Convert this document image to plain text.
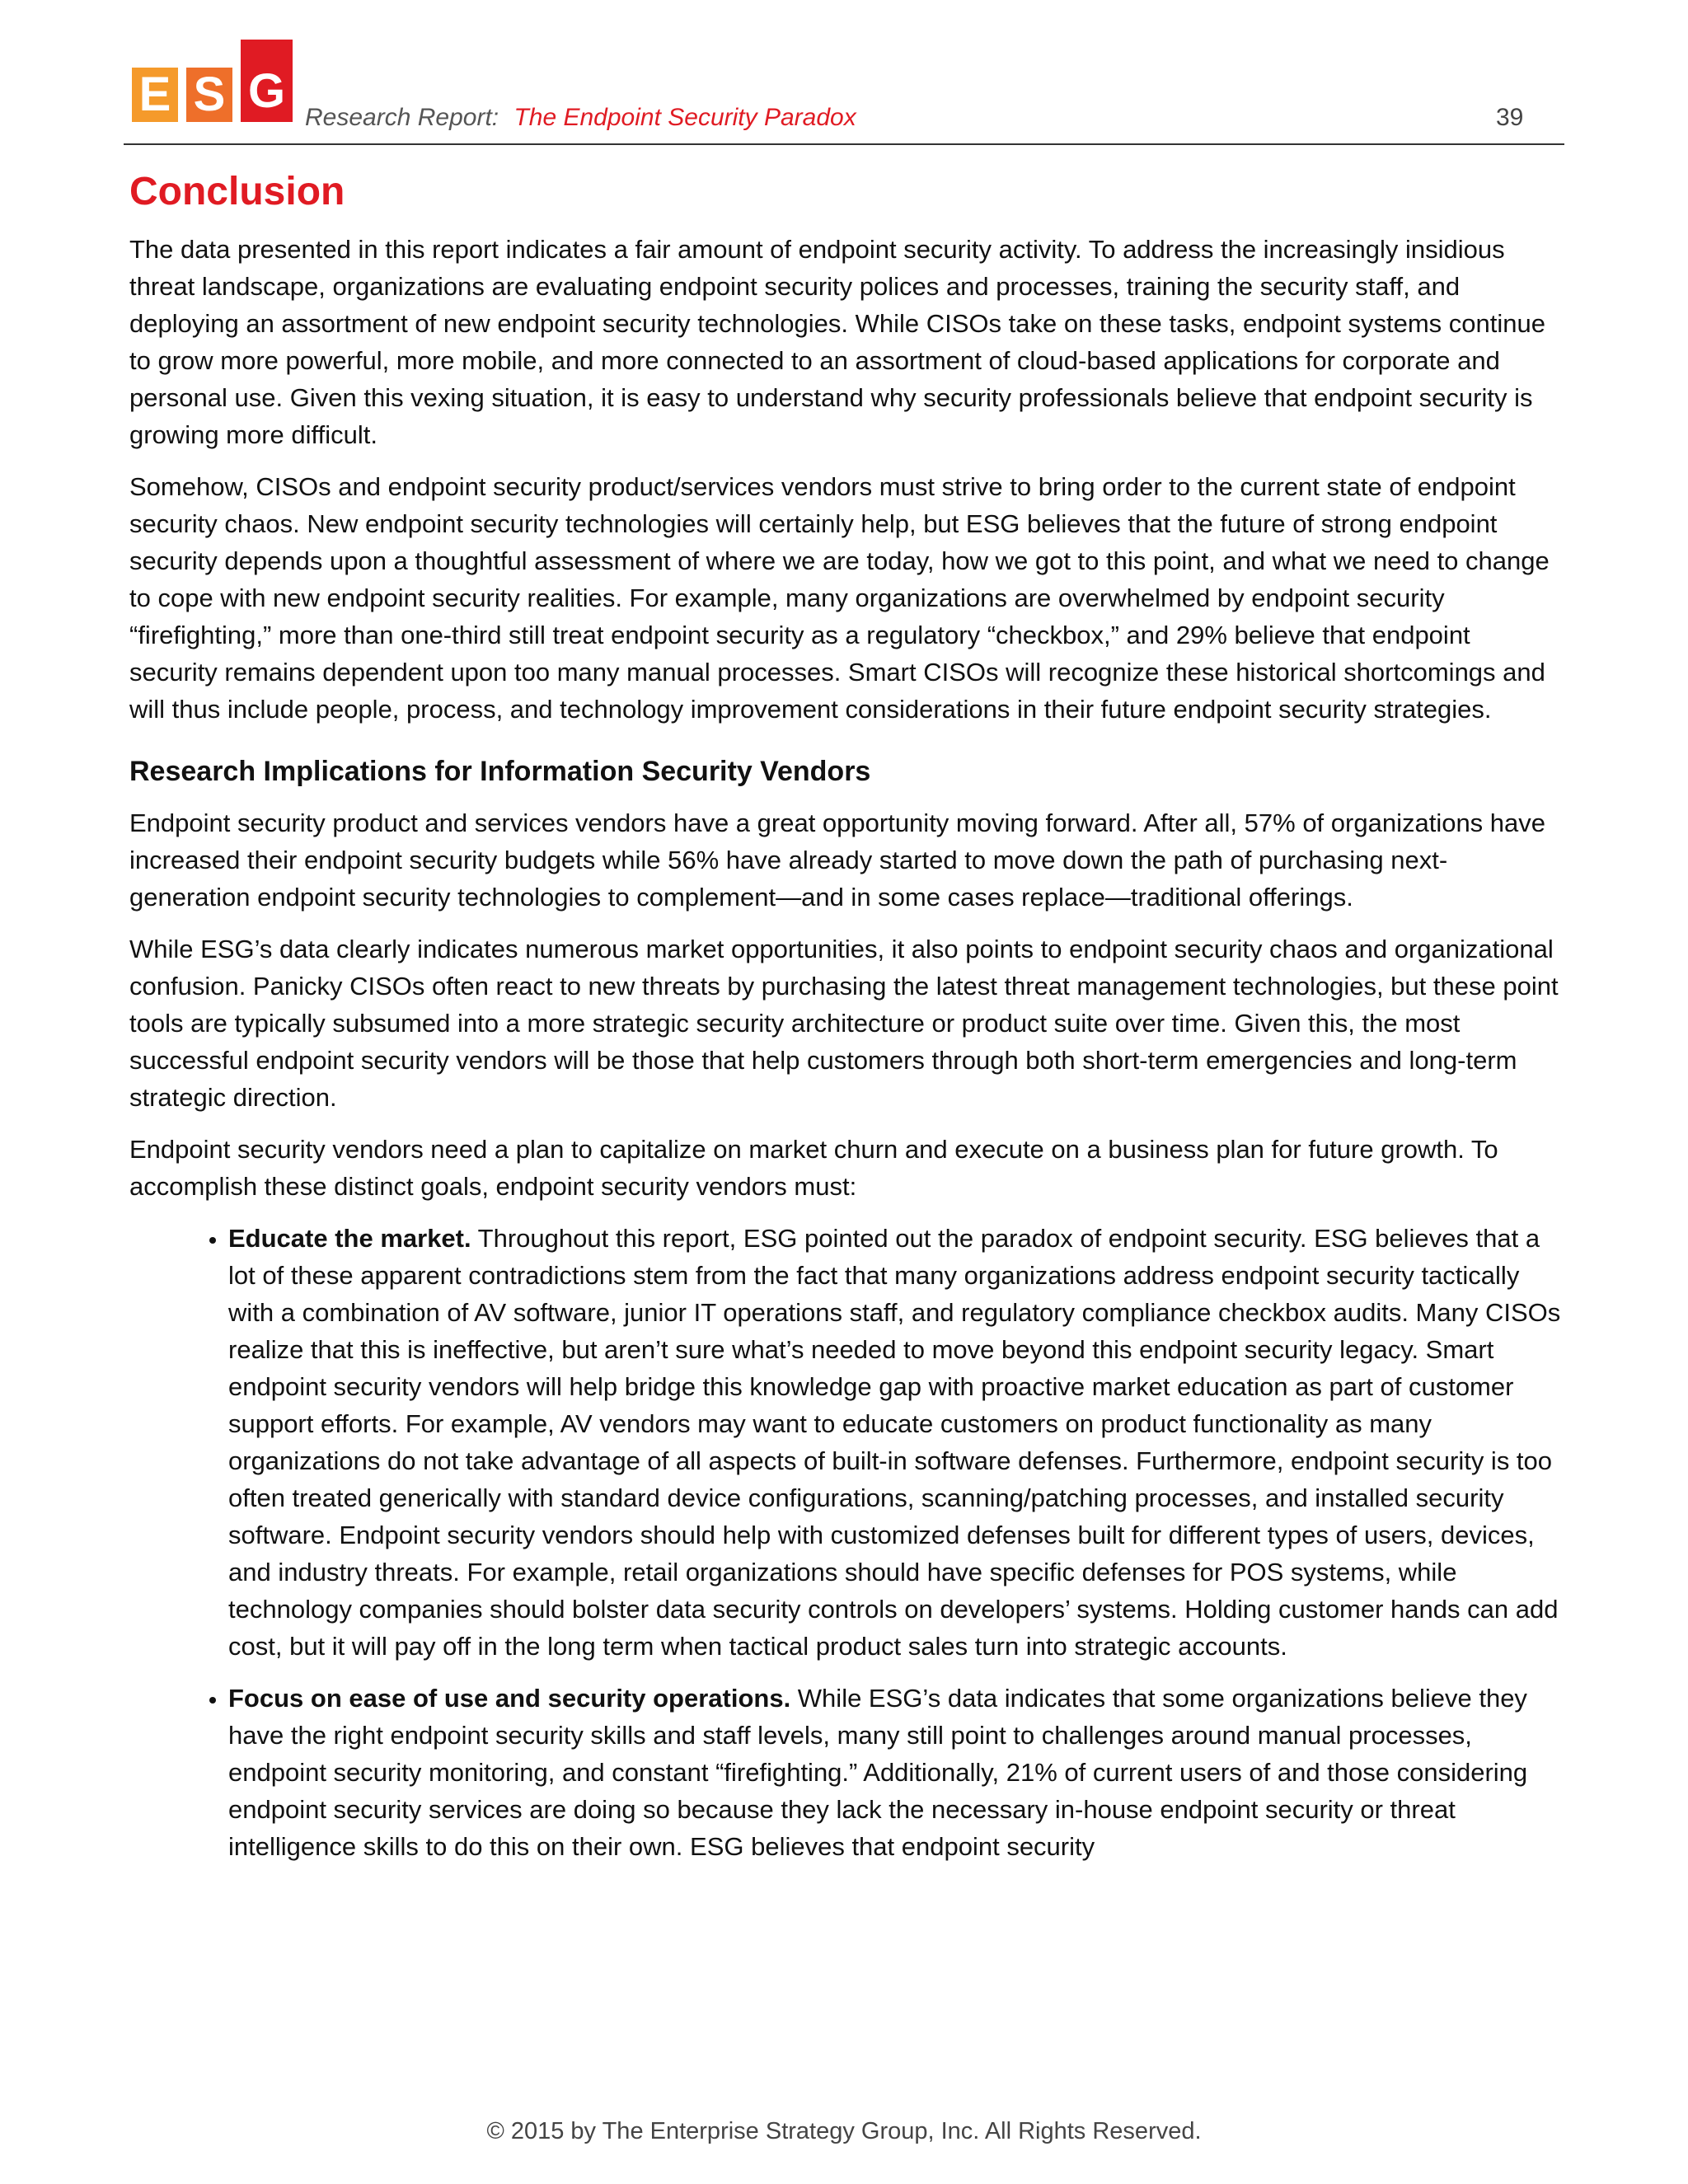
E S G Research Report: The Endpoint Security Paradox	39
Conclusion

The data presented in this report indicates a fair amount of endpoint security activity. To address the increasingly insidious threat landscape, organizations are evaluating endpoint security polices and processes, training the security staff, and deploying an assortment of new endpoint security technologies. While CISOs take on these tasks, endpoint systems continue to grow more powerful, more mobile, and more connected to an assortment of cloud-based applications for corporate and personal use. Given this vexing situation, it is easy to understand why security professionals believe that endpoint security is growing more difficult.

Somehow, CISOs and endpoint security product/services vendors must strive to bring order to the current state of endpoint security chaos. New endpoint security technologies will certainly help, but ESG believes that the future of strong endpoint security depends upon a thoughtful assessment of where we are today, how we got to this point, and what we need to change to cope with new endpoint security realities. For example, many organizations are overwhelmed by endpoint security “firefighting,” more than one-third still treat endpoint security as a regulatory “checkbox,” and 29% believe that endpoint security remains dependent upon too many manual processes. Smart CISOs will recognize these historical shortcomings and will thus include people, process, and technology improvement considerations in their future endpoint security strategies.

Research Implications for Information Security Vendors

Endpoint security product and services vendors have a great opportunity moving forward. After all, 57% of organizations have increased their endpoint security budgets while 56% have already started to move down the path of purchasing next-generation endpoint security technologies to complement—and in some cases replace—traditional offerings.

While ESG’s data clearly indicates numerous market opportunities, it also points to endpoint security chaos and organizational confusion. Panicky CISOs often react to new threats by purchasing the latest threat management technologies, but these point tools are typically subsumed into a more strategic security architecture or product suite over time. Given this, the most successful endpoint security vendors will be those that help customers through both short-term emergencies and long-term strategic direction.

Endpoint security vendors need a plan to capitalize on market churn and execute on a business plan for future growth. To accomplish these distinct goals, endpoint security vendors must:

• Educate the market. Throughout this report, ESG pointed out the paradox of endpoint security. ESG believes that a lot of these apparent contradictions stem from the fact that many organizations address endpoint security tactically with a combination of AV software, junior IT operations staff, and regulatory compliance checkbox audits. Many CISOs realize that this is ineffective, but aren’t sure what’s needed to move beyond this endpoint security legacy. Smart endpoint security vendors will help bridge this knowledge gap with proactive market education as part of customer support efforts. For example, AV vendors may want to educate customers on product functionality as many organizations do not take advantage of all aspects of built-in software defenses. Furthermore, endpoint security is too often treated generically with standard device configurations, scanning/patching processes, and installed security software. Endpoint security vendors should help with customized defenses built for different types of users, devices, and industry threats. For example, retail organizations should have specific defenses for POS systems, while technology companies should bolster data security controls on developers’ systems. Holding customer hands can add cost, but it will pay off in the long term when tactical product sales turn into strategic accounts.
• Focus on ease of use and security operations. While ESG’s data indicates that some organizations believe they have the right endpoint security skills and staff levels, many still point to challenges around manual processes, endpoint security monitoring, and constant “firefighting.” Additionally, 21% of current users of and those considering endpoint security services are doing so because they lack the necessary in-house endpoint security or threat intelligence skills to do this on their own. ESG believes that endpoint security
© 2015 by The Enterprise Strategy Group, Inc. All Rights Reserved.
